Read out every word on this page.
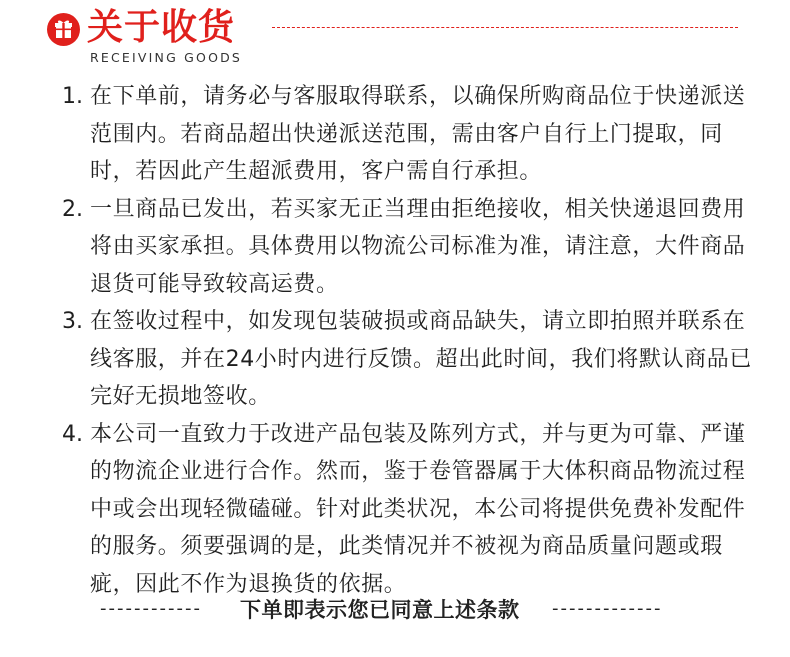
关于收货
RECEIVING GOODS
1. 在下单前，请务必与客服取得联系，以确保所购商品位于快递派送范围内。若商品超出快递派送范围，需由客户自行上门提取，同时，若因此产生超派费用，客户需自行承担。
2. 一旦商品已发出，若买家无正当理由拒绝接收，相关快递退回费用将由买家承担。具体费用以物流公司标准为准，请注意，大件商品退货可能导致较高运费。
3. 在签收过程中，如发现包装破损或商品缺失，请立即拍照并联系在线客服，并在24小时内进行反馈。超出此时间，我们将默认商品已完好无损地签收。
4. 本公司一直致力于改进产品包装及陈列方式，并与更为可靠、严谨的物流企业进行合作。然而，鉴于卷管器属于大体积商品物流过程中或会出现轻微磕碰。针对此类状况，本公司将提供免费补发配件的服务。须要强调的是，此类情况并不被视为商品质量问题或瑕疵，因此不作为退换货的依据。
------------ 下单即表示您已同意上述条款 -------------
